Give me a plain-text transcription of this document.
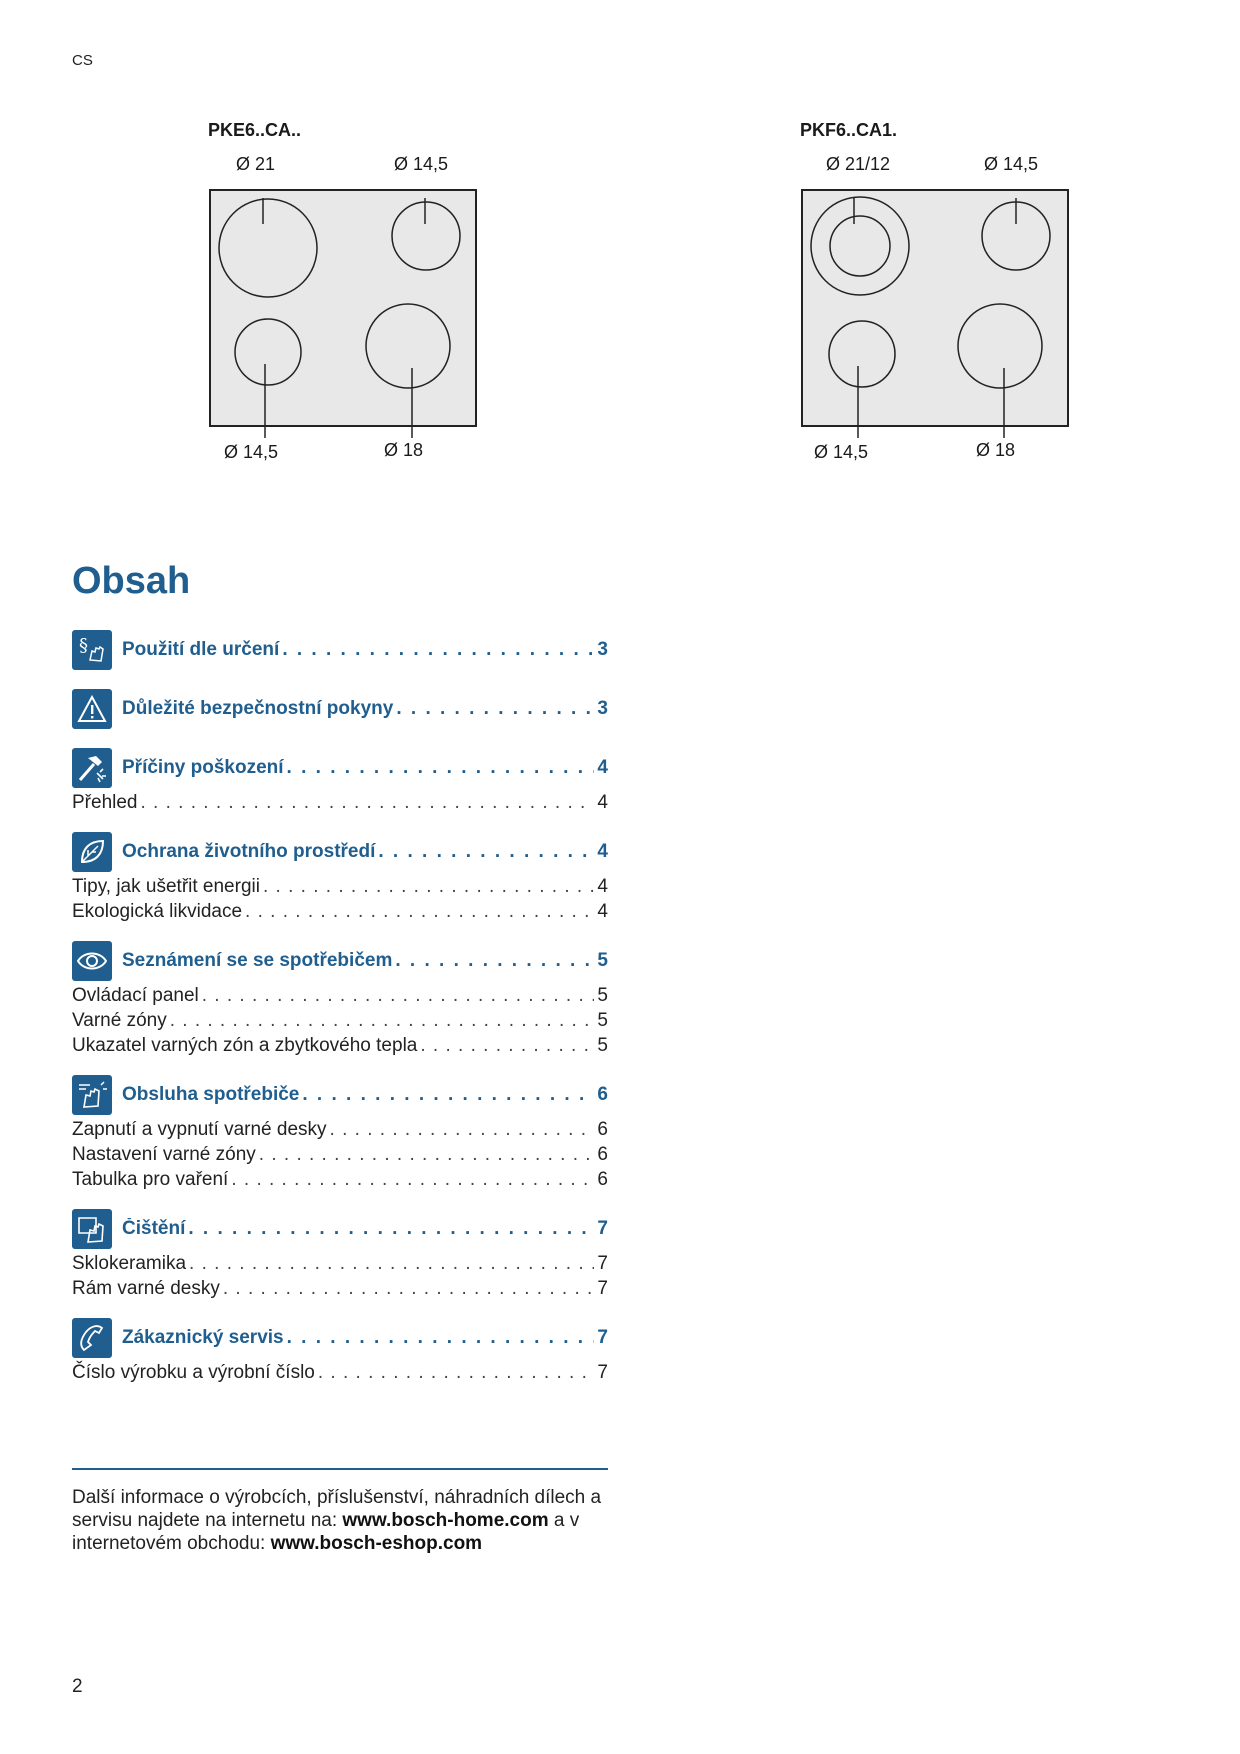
CS
PKE6..CA..
Ø 21	Ø 14,5
Ø 14,5	Ø 18
PKF6..CA1.
Ø 21/12	Ø 14,5
Ø 14,5	Ø 18
Obsah
§ Použití dle určení . . .	3
Důležité bezpečnostní pokyny . . .	3
Příčiny poškození . . .	4
Přehled . . .	4
Ochrana životního prostředí . . .	4
Tipy, jak ušetřit energii . . .	4
Ekologická likvidace . . .	4
Seznámení se se spotřebičem . . .	5
Ovládací panel . . .	5
Varné zóny . . .	5
Ukazatel varných zón a zbytkového tepla . . .	5
Obsluha spotřebiče . . .	6
Zapnutí a vypnutí varné desky . . .	6
Nastavení varné zóny . . .	6
Tabulka pro vaření . . .	6
Čištění . . .	7
Sklokeramika . . .	7
Rám varné desky . . .	7
Zákaznický servis . . .	7
Číslo výrobku a výrobní číslo . . .	7
Další informace o výrobcích, příslušenství, náhradních dílech a servisu najdete na internetu na: www.bosch-home.com a v internetovém obchodu: www.bosch-eshop.com
2
